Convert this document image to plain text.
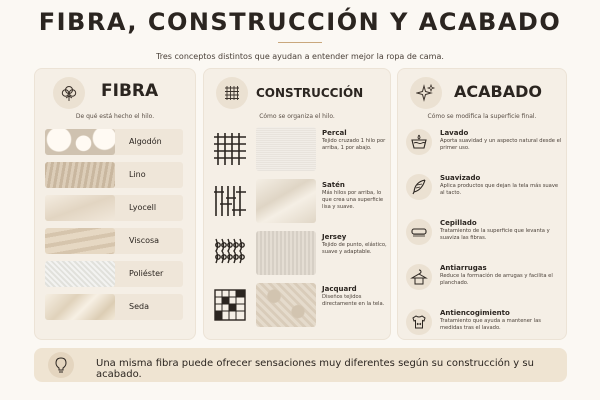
FIBRA, CONSTRUCCIÓN Y ACABADO
Tres conceptos distintos que ayudan a entender mejor la ropa de cama.
FIBRA
De qué está hecho el hilo.
Algodón
Lino
Lyocell
Viscosa
Poliéster
Seda
CONSTRUCCIÓN
Cómo se organiza el hilo.
Percal
Tejido cruzado 1 hilo por arriba, 1 por abajo.
Satén
Más hilos por arriba, lo que crea una superficie lisa y suave.
Jersey
Tejido de punto, elástico, suave y adaptable.
Jacquard
Diseños tejidos directamente en la tela.
ACABADO
Cómo se modifica la superficie final.
Lavado
Aporta suavidad y un aspecto natural desde el primer uso.
Suavizado
Aplica productos que dejan la tela más suave al tacto.
Cepillado
Tratamiento de la superficie que levanta y suaviza las fibras.
Antiarrugas
Reduce la formación de arrugas y facilita el planchado.
Antiencogimiento
Tratamiento que ayuda a mantener las medidas tras el lavado.
Una misma fibra puede ofrecer sensaciones muy diferentes según su construcción y su acabado.
